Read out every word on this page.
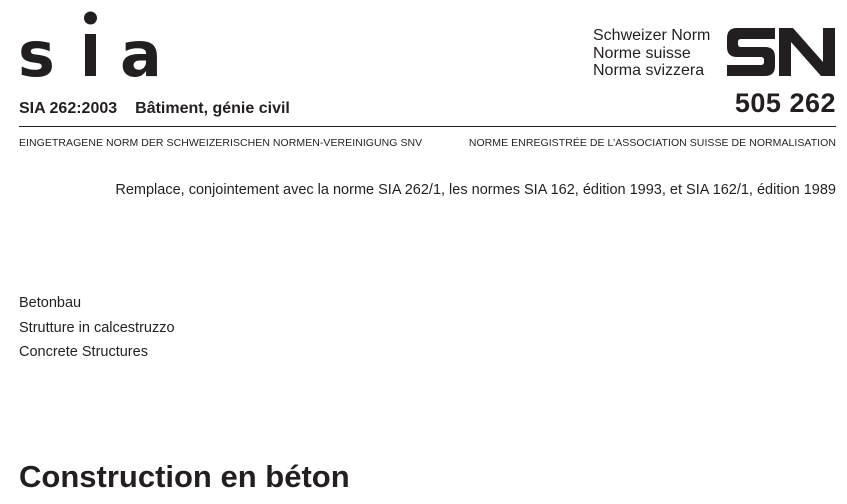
s a	Schweizer Norm
Norme suisse
Norma svizzera
SIA 262:2003 Bâtiment, génie civil	505 262
EINGETRAGENE NORM DER SCHWEIZERISCHEN NORMEN-VEREINIGUNG SNV	NORME ENREGISTRÉE DE L’ASSOCIATION SUISSE DE NORMALISATION
Remplace, conjointement avec la norme SIA 262/1, les normes SIA 162, édition 1993, et SIA 162/1, édition 1989
Betonbau
Strutture in calcestruzzo
Concrete Structures
Construction en béton
